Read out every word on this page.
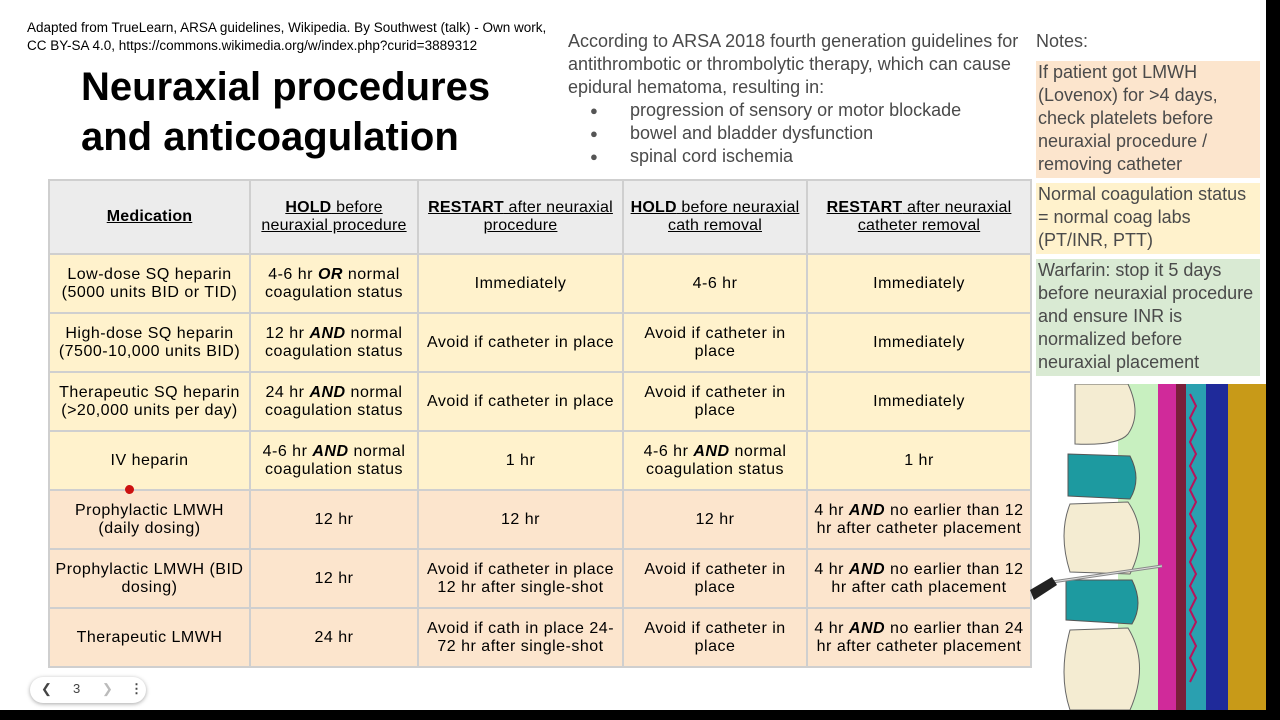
Adapted from TrueLearn, ARSA guidelines, Wikipedia. By Southwest (talk) - Own work, CC BY-SA 4.0, https://commons.wikimedia.org/w/index.php?curid=3889312
Neuraxial procedures and anticoagulation
According to ARSA 2018 fourth generation guidelines for antithrombotic or thrombolytic therapy, which can cause epidural hematoma, resulting in:
● progression of sensory or motor blockade
● bowel and bladder dysfunction
● spinal cord ischemia
Notes:
If patient got LMWH (Lovenox) for >4 days, check platelets before neuraxial procedure / removing catheter
Normal coagulation status = normal coag labs (PT/INR, PTT)
Warfarin: stop it 5 days before neuraxial procedure and ensure INR is normalized before neuraxial placement
Medication	HOLD before neuraxial procedure	RESTART after neuraxial procedure	HOLD before neuraxial cath removal	RESTART after neuraxial catheter removal
Low-dose SQ heparin (5000 units BID or TID)	4-6 hr OR normal coagulation status	Immediately	4-6 hr	Immediately
High-dose SQ heparin (7500-10,000 units BID)	12 hr AND normal coagulation status	Avoid if catheter in place	Avoid if catheter in place	Immediately
Therapeutic SQ heparin (>20,000 units per day)	24 hr AND normal coagulation status	Avoid if catheter in place	Avoid if catheter in place	Immediately
IV heparin	4-6 hr AND normal coagulation status	1 hr	4-6 hr AND normal coagulation status	1 hr
Prophylactic LMWH (daily dosing)	12 hr	12 hr	12 hr	4 hr AND no earlier than 12 hr after catheter placement
Prophylactic LMWH (BID dosing)	12 hr	Avoid if catheter in place 12 hr after single-shot	Avoid if catheter in place	4 hr AND no earlier than 12 hr after cath placement
Therapeutic LMWH	24 hr	Avoid if cath in place 24-72 hr after single-shot	Avoid if catheter in place	4 hr AND no earlier than 24 hr after catheter placement
❮ 3 ❯ ⋮
